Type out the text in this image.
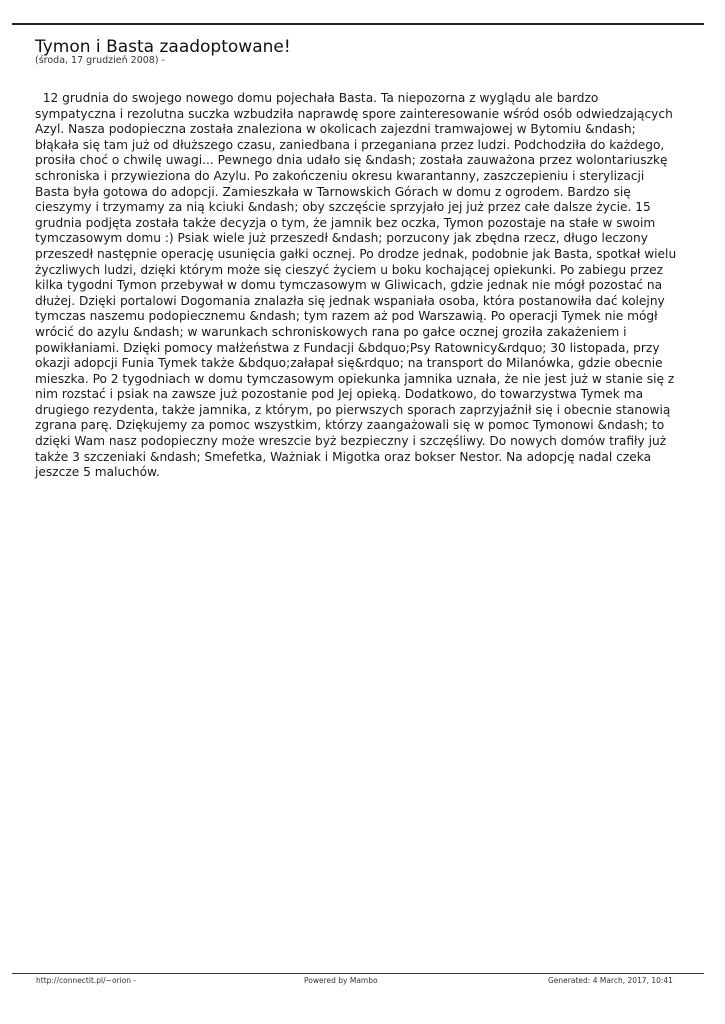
Tymon i Basta zaadoptowane!
(środa, 17 grudzień 2008) -
12 grudnia do swojego nowego domu pojechała Basta. Ta niepozorna z wyglądu ale bardzo
sympatyczna i rezolutna suczka wzbudziła naprawdę spore zainteresowanie wśród osób odwiedzających
Azyl. Nasza podopieczna została znaleziona w okolicach zajezdni tramwajowej w Bytomiu &ndash;
błąkała się tam już od dłuższego czasu, zaniedbana i przeganiana przez ludzi. Podchodziła do każdego,
prosiła choć o chwilę uwagi... Pewnego dnia udało się &ndash; została zauważona przez wolontariuszkę
schroniska i przywieziona do Azylu. Po zakończeniu okresu kwarantanny, zaszczepieniu i sterylizacji
Basta była gotowa do adopcji. Zamieszkała w Tarnowskich Górach w domu z ogrodem. Bardzo się
cieszymy i trzymamy za nią kciuki &ndash; oby szczęście sprzyjało jej już przez całe dalsze życie. 15
grudnia podjęta została także decyzja o tym, że jamnik bez oczka, Tymon pozostaje na stałe w swoim
tymczasowym domu :) Psiak wiele już przeszedł &ndash; porzucony jak zbędna rzecz, długo leczony
przeszedł następnie operację usunięcia gałki ocznej. Po drodze jednak, podobnie jak Basta, spotkał wielu
życzliwych ludzi, dzięki którym może się cieszyć życiem u boku kochającej opiekunki. Po zabiegu przez
kilka tygodni Tymon przebywał w domu tymczasowym w Gliwicach, gdzie jednak nie mógł pozostać na
dłużej. Dzięki portalowi Dogomania znalazła się jednak wspaniała osoba, która postanowiła dać kolejny
tymczas naszemu podopiecznemu &ndash; tym razem aż pod Warszawią. Po operacji Tymek nie mógł
wrócić do azylu &ndash; w warunkach schroniskowych rana po gałce ocznej groziła zakażeniem i
powikłaniami. Dzięki pomocy małżeństwa z Fundacji &bdquo;Psy Ratownicy&rdquo; 30 listopada, przy
okazji adopcji Funia Tymek także &bdquo;załapał się&rdquo; na transport do Milanówka, gdzie obecnie
mieszka. Po 2 tygodniach w domu tymczasowym opiekunka jamnika uznała, że nie jest już w stanie się z
nim rozstać i psiak na zawsze już pozostanie pod Jej opieką. Dodatkowo, do towarzystwa Tymek ma
drugiego rezydenta, także jamnika, z którym, po pierwszych sporach zaprzyjaźnił się i obecnie stanowią
zgrana parę. Dziękujemy za pomoc wszystkim, którzy zaangażowali się w pomoc Tymonowi &ndash; to
dzięki Wam nasz podopieczny może wreszcie byż bezpieczny i szczęśliwy. Do nowych domów trafiły już
także 3 szczeniaki &ndash; Smefetka, Ważniak i Migotka oraz bokser Nestor. Na adopcję nadal czeka
jeszcze 5 maluchów.
http://connectit.pl/~orion -	Powered by Mambo	Generated: 4 March, 2017, 10:41
